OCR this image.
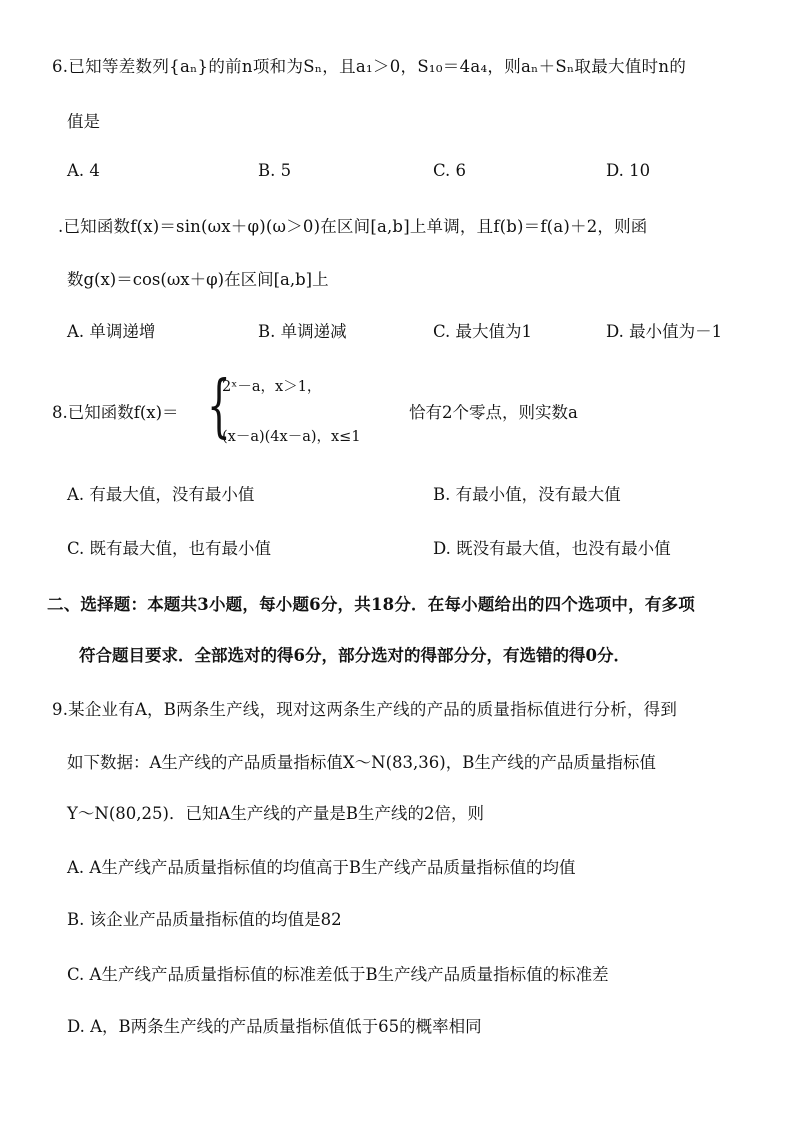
6.已知等差数列{aₙ}的前n项和为Sₙ，且a₁＞0，S₁₀＝4a₄，则aₙ＋Sₙ取最大值时n的
值是
A. 4	B. 5	C. 6	D. 10
.已知函数f(x)＝sin(ωx＋φ)(ω＞0)在区间[a,b]上单调，且f(b)＝f(a)＋2，则函
数g(x)＝cos(ωx＋φ)在区间[a,b]上
A. 单调递增	B. 单调递减	C. 最大值为1	D. 最小值为－1
8.已知函数f(x)＝ {
2ˣ－a，x＞1，
(x－a)(4x－a)，x≤1
恰有2个零点，则实数a
A. 有最大值，没有最小值	B. 有最小值，没有最大值
C. 既有最大值，也有最小值	D. 既没有最大值，也没有最小值
二、选择题：本题共3小题，每小题6分，共18分．在每小题给出的四个选项中，有多项
符合题目要求．全部选对的得6分，部分选对的得部分分，有选错的得0分．
9.某企业有A，B两条生产线，现对这两条生产线的产品的质量指标值进行分析，得到
如下数据：A生产线的产品质量指标值X～N(83,36)，B生产线的产品质量指标值
Y～N(80,25)．已知A生产线的产量是B生产线的2倍，则
A. A生产线产品质量指标值的均值高于B生产线产品质量指标值的均值
B. 该企业产品质量指标值的均值是82
C. A生产线产品质量指标值的标准差低于B生产线产品质量指标值的标准差
D. A，B两条生产线的产品质量指标值低于65的概率相同
